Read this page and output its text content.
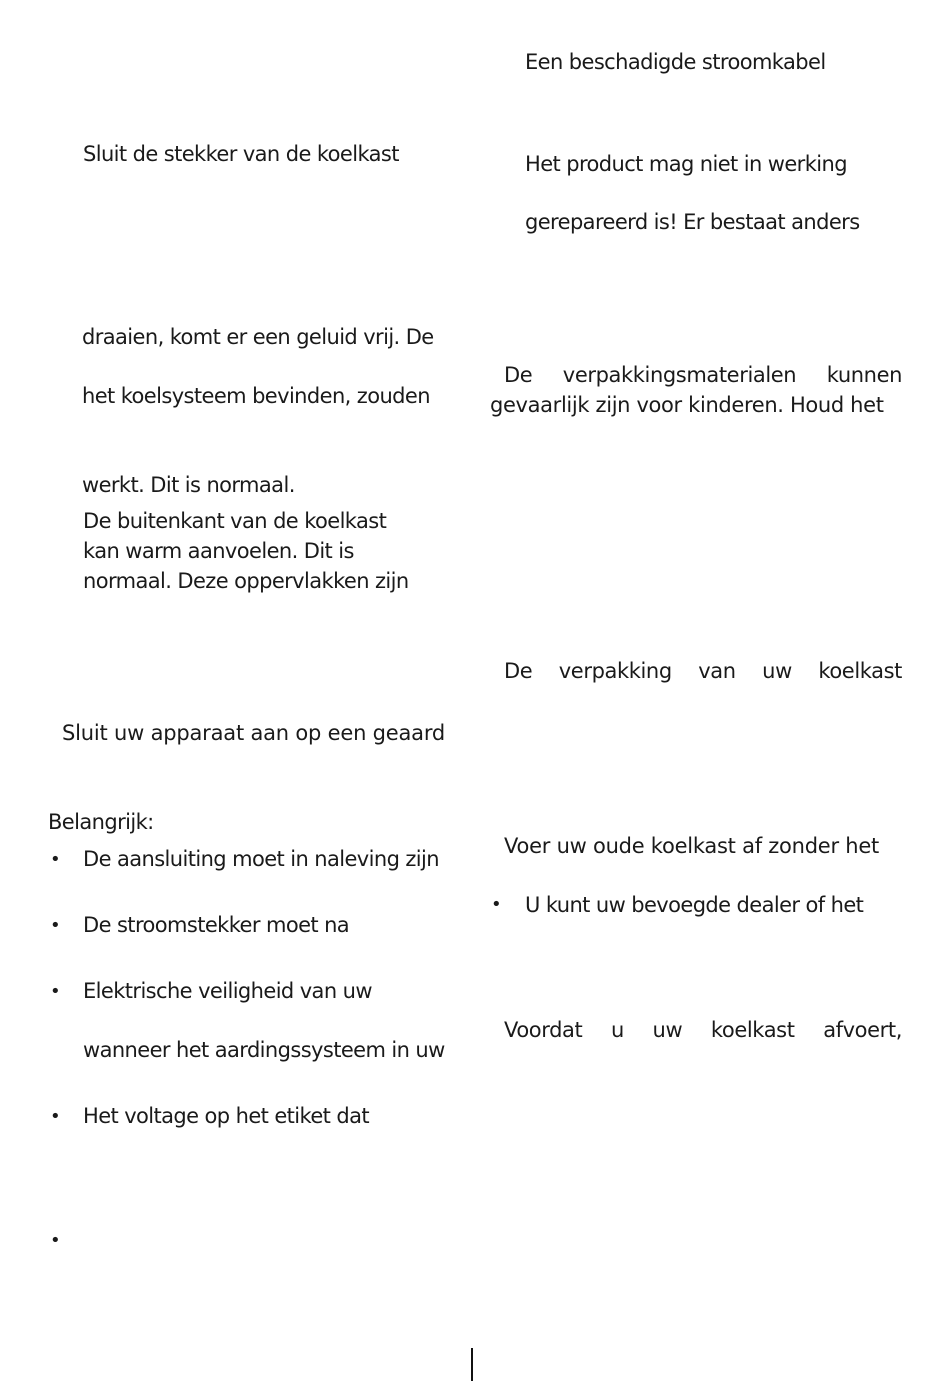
Sluit de stekker van de koelkast
draaien, komt er een geluid vrij. De
het koelsysteem bevinden, zouden
werkt. Dit is normaal.
De buitenkant van de koelkast
kan warm aanvoelen. Dit is
normaal. Deze oppervlakken zijn
Sluit uw apparaat aan op een geaard
Belangrijk:
• De aansluiting moet in naleving zijn
• De stroomstekker moet na
• Elektrische veiligheid van uw
wanneer het aardingssysteem in uw
• Het voltage op het etiket dat
•
Een beschadigde stroomkabel
Het product mag niet in werking
gerepareerd is! Er bestaat anders
De verpakkingsmaterialen kunnen
gevaarlijk zijn voor kinderen. Houd het
De verpakking van uw koelkast
Voer uw oude koelkast af zonder het
• U kunt uw bevoegde dealer of het
Voordat u uw koelkast afvoert,
